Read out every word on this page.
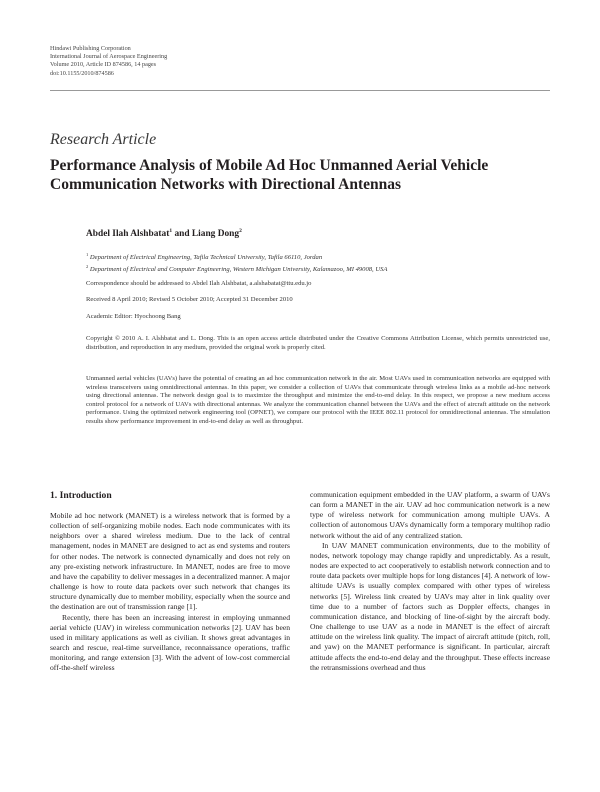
Hindawi Publishing Corporation
International Journal of Aerospace Engineering
Volume 2010, Article ID 874586, 14 pages
doi:10.1155/2010/874586
Research Article
Performance Analysis of Mobile Ad Hoc Unmanned Aerial Vehicle Communication Networks with Directional Antennas
Abdel Ilah Alshbatat$^1$ and Liang Dong$^2$
$^1$ Department of Electrical Engineering, Tafila Technical University, Tafila 66110, Jordan
$^2$ Department of Electrical and Computer Engineering, Western Michigan University, Kalamazoo, MI 49008, USA
Correspondence should be addressed to Abdel Ilah Alshbatat, a.alshabatat@ttu.edu.jo
Received 8 April 2010; Revised 5 October 2010; Accepted 31 December 2010
Academic Editor: Hyochoong Bang
Copyright © 2010 A. I. Alshbatat and L. Dong. This is an open access article distributed under the Creative Commons Attribution License, which permits unrestricted use, distribution, and reproduction in any medium, provided the original work is properly cited.
Unmanned aerial vehicles (UAVs) have the potential of creating an ad hoc communication network in the air. Most UAVs used in communication networks are equipped with wireless transceivers using omnidirectional antennas. In this paper, we consider a collection of UAVs that communicate through wireless links as a mobile ad-hoc network using directional antennas. The network design goal is to maximize the throughput and minimize the end-to-end delay. In this respect, we propose a new medium access control protocol for a network of UAVs with directional antennas. We analyze the communication channel between the UAVs and the effect of aircraft attitude on the network performance. Using the optimized network engineering tool (OPNET), we compare our protocol with the IEEE 802.11 protocol for omnidirectional antennas. The simulation results show performance improvement in end-to-end delay as well as throughput.
1. Introduction

Mobile ad hoc network (MANET) is a wireless network that is formed by a collection of self-organizing mobile nodes. Each node communicates with its neighbors over a shared wireless medium. Due to the lack of central management, nodes in MANET are designed to act as end systems and routers for other nodes. The network is connected dynamically and does not rely on any pre-existing network infrastructure. In MANET, nodes are free to move and have the capability to deliver messages in a decentralized manner. A major challenge is how to route data packets over such network that changes its structure dynamically due to member mobility, especially when the source and the destination are out of transmission range [1].

Recently, there has been an increasing interest in employing unmanned aerial vehicle (UAV) in wireless communication networks [2]. UAV has been used in military applications as well as civilian. It shows great advantages in search and rescue, real-time surveillance, reconnaissance operations, traffic monitoring, and range extension [3]. With the advent of low-cost commercial off-the-shelf wireless

communication equipment embedded in the UAV platform, a swarm of UAVs can form a MANET in the air. UAV ad hoc communication network is a new type of wireless network for communication among multiple UAVs. A collection of autonomous UAVs dynamically form a temporary multihop radio network without the aid of any centralized station.

In UAV MANET communication environments, due to the mobility of nodes, network topology may change rapidly and unpredictably. As a result, nodes are expected to act cooperatively to establish network connection and to route data packets over multiple hops for long distances [4]. A network of low-altitude UAVs is usually complex compared with other types of wireless networks [5]. Wireless link created by UAVs may alter in link quality over time due to a number of factors such as Doppler effects, changes in communication distance, and blocking of line-of-sight by the aircraft body. One challenge to use UAV as a node in MANET is the effect of aircraft attitude on the wireless link quality. The impact of aircraft attitude (pitch, roll, and yaw) on the MANET performance is significant. In particular, aircraft attitude affects the end-to-end delay and the throughput. These effects increase the retransmissions overhead and thus
